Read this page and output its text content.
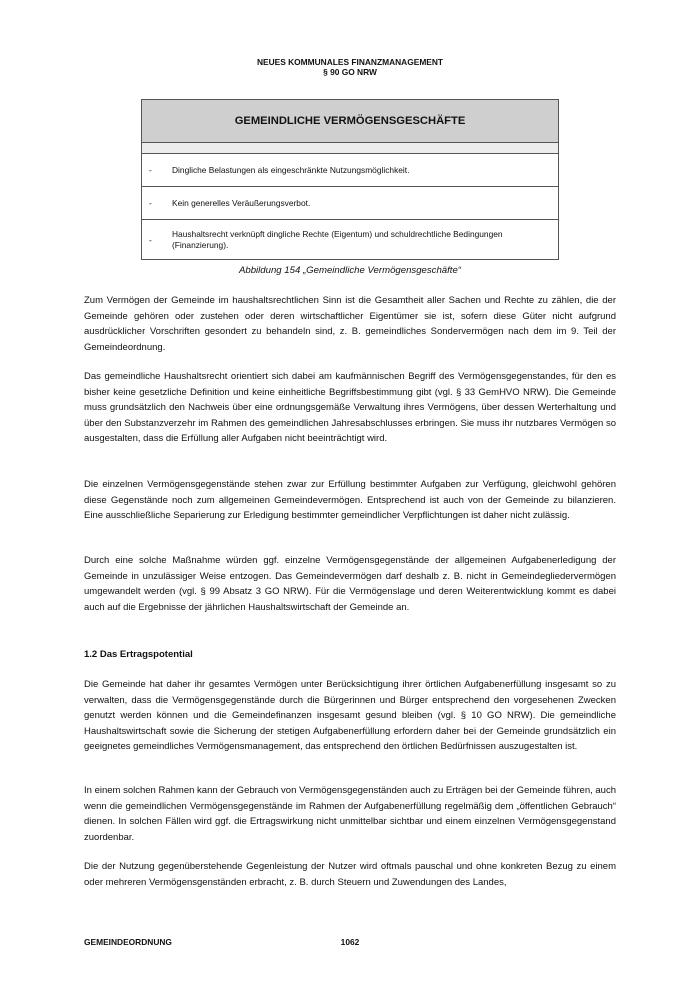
NEUES KOMMUNALES FINANZMANAGEMENT
§ 90 GO NRW
GEMEINDLICHE VERMÖGENSGESCHÄFTE
-	Dingliche Belastungen als eingeschränkte Nutzungsmöglichkeit.
-	Kein generelles Veräußerungsverbot.
-
Haushaltsrecht verknüpft dingliche Rechte (Eigentum) und schuldrechtliche Bedingungen (Finanzierung).
Abbildung 154 „Gemeindliche Vermögensgeschäfte“
Zum Vermögen der Gemeinde im haushaltsrechtlichen Sinn ist die Gesamtheit aller Sachen und Rechte zu zählen, die der Gemeinde gehören oder zustehen oder deren wirtschaftlicher Eigentümer sie ist, sofern diese Güter nicht aufgrund ausdrücklicher Vorschriften gesondert zu behandeln sind, z. B. gemeindliches Sondervermögen nach dem im 9. Teil der Gemeindeordnung.
Das gemeindliche Haushaltsrecht orientiert sich dabei am kaufmännischen Begriff des Vermögensgegenstandes, für den es bisher keine gesetzliche Definition und keine einheitliche Begriffsbestimmung gibt (vgl. § 33 GemHVO NRW). Die Gemeinde muss grundsätzlich den Nachweis über eine ordnungsgemäße Verwaltung ihres Vermögens, über dessen Werterhaltung und über den Substanzverzehr im Rahmen des gemeindlichen Jahresabschlusses erbringen. Sie muss ihr nutzbares Vermögen so ausgestalten, dass die Erfüllung aller Aufgaben nicht beeinträchtigt wird.
Die einzelnen Vermögensgegenstände stehen zwar zur Erfüllung bestimmter Aufgaben zur Verfügung, gleichwohl gehören diese Gegenstände noch zum allgemeinen Gemeindevermögen. Entsprechend ist auch von der Gemeinde zu bilanzieren. Eine ausschließliche Separierung zur Erledigung bestimmter gemeindlicher Verpflichtungen ist daher nicht zulässig.
Durch eine solche Maßnahme würden ggf. einzelne Vermögensgegenstände der allgemeinen Aufgabenerledigung der Gemeinde in unzulässiger Weise entzogen. Das Gemeindevermögen darf deshalb z. B. nicht in Gemeindegliedervermögen umgewandelt werden (vgl. § 99 Absatz 3 GO NRW). Für die Vermögenslage und deren Weiterentwicklung kommt es dabei auch auf die Ergebnisse der jährlichen Haushaltswirtschaft der Gemeinde an.
1.2 Das Ertragspotential
Die Gemeinde hat daher ihr gesamtes Vermögen unter Berücksichtigung ihrer örtlichen Aufgabenerfüllung insgesamt so zu verwalten, dass die Vermögensgegenstände durch die Bürgerinnen und Bürger entsprechend den vorgesehenen Zwecken genutzt werden können und die Gemeindefinanzen insgesamt gesund bleiben (vgl. § 10 GO NRW). Die gemeindliche Haushaltswirtschaft sowie die Sicherung der stetigen Aufgabenerfüllung erfordern daher bei der Gemeinde grundsätzlich ein geeignetes gemeindliches Vermögensmanagement, das entsprechend den örtlichen Bedürfnissen auszugestalten ist.
In einem solchen Rahmen kann der Gebrauch von Vermögensgegenständen auch zu Erträgen bei der Gemeinde führen, auch wenn die gemeindlichen Vermögensgegenstände im Rahmen der Aufgabenerfüllung regelmäßig dem „öffentlichen Gebrauch“ dienen. In solchen Fällen wird ggf. die Ertragswirkung nicht unmittelbar sichtbar und einem einzelnen Vermögensgegenstand zuordenbar.
Die der Nutzung gegenüberstehende Gegenleistung der Nutzer wird oftmals pauschal und ohne konkreten Bezug zu einem oder mehreren Vermögensgenständen erbracht, z. B. durch Steuern und Zuwendungen des Landes,
GEMEINDEORDNUNG	1062
